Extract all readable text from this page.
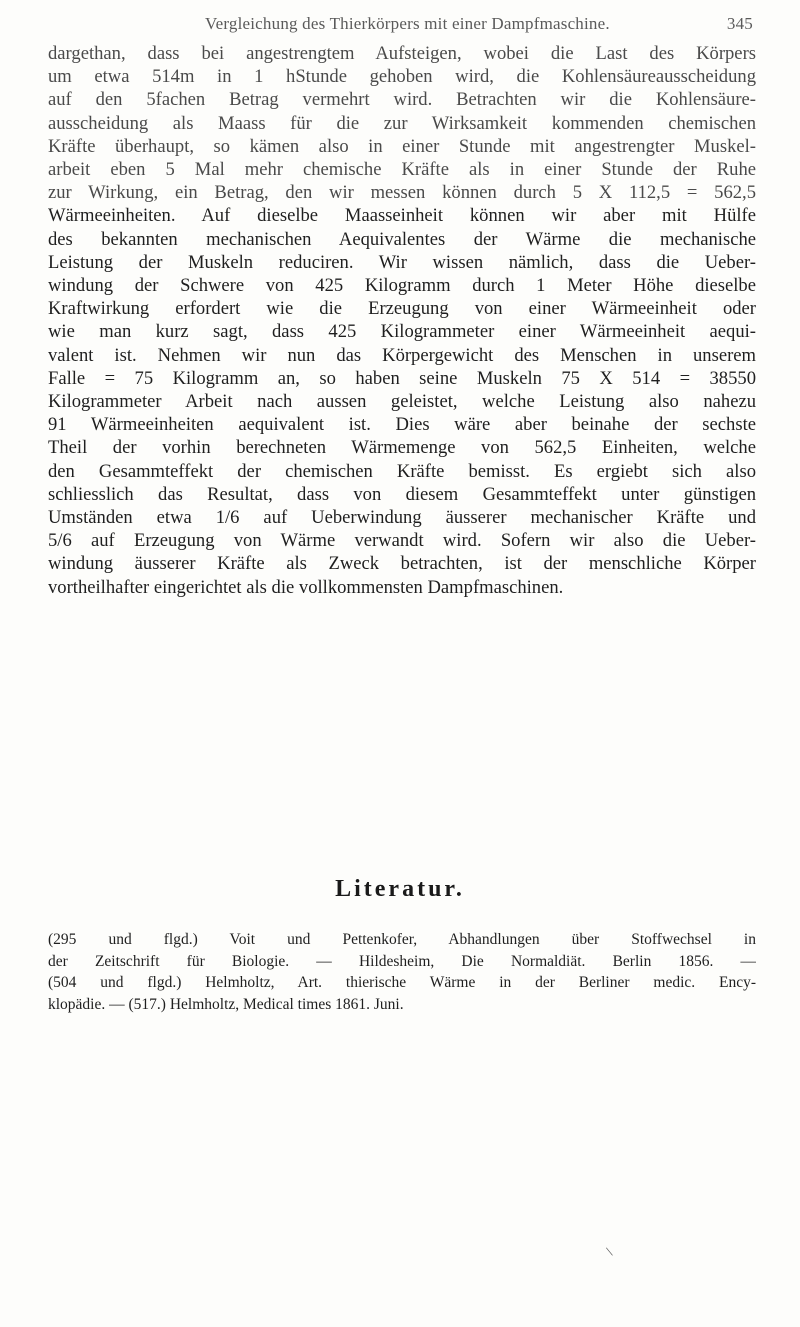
Vergleichung des Thierkörpers mit einer Dampfmaschine.	345
dargethan, dass bei angestrengtem Aufsteigen, wobei die Last des Körpers
um etwa 514m in 1 hStunde gehoben wird, die Kohlensäureausscheidung
auf den 5fachen Betrag vermehrt wird. Betrachten wir die Kohlensäure-
ausscheidung als Maass für die zur Wirksamkeit kommenden chemischen
Kräfte überhaupt, so kämen also in einer Stunde mit angestrengter Muskel-
arbeit eben 5 Mal mehr chemische Kräfte als in einer Stunde der Ruhe
zur Wirkung, ein Betrag, den wir messen können durch 5 X 112,5 = 562,5
Wärmeeinheiten. Auf dieselbe Maasseinheit können wir aber mit Hülfe
des bekannten mechanischen Aequivalentes der Wärme die mechanische
Leistung der Muskeln reduciren. Wir wissen nämlich, dass die Ueber-
windung der Schwere von 425 Kilogramm durch 1 Meter Höhe dieselbe
Kraftwirkung erfordert wie die Erzeugung von einer Wärmeeinheit oder
wie man kurz sagt, dass 425 Kilogrammeter einer Wärmeeinheit aequi-
valent ist. Nehmen wir nun das Körpergewicht des Menschen in unserem
Falle = 75 Kilogramm an, so haben seine Muskeln 75 X 514 = 38550
Kilogrammeter Arbeit nach aussen geleistet, welche Leistung also nahezu
91 Wärmeeinheiten aequivalent ist. Dies wäre aber beinahe der sechste
Theil der vorhin berechneten Wärmemenge von 562,5 Einheiten, welche
den Gesammteffekt der chemischen Kräfte bemisst. Es ergiebt sich also
schliesslich das Resultat, dass von diesem Gesammteffekt unter günstigen
Umständen etwa 1/6 auf Ueberwindung äusserer mechanischer Kräfte und
5/6 auf Erzeugung von Wärme verwandt wird. Sofern wir also die Ueber-
windung äusserer Kräfte als Zweck betrachten, ist der menschliche Körper
vortheilhafter eingerichtet als die vollkommensten Dampfmaschinen.
Literatur.
(295 und flgd.) Voit und Pettenkofer, Abhandlungen über Stoffwechsel in
der Zeitschrift für Biologie. — Hildesheim, Die Normaldiät. Berlin 1856. —
(504 und flgd.) Helmholtz, Art. thierische Wärme in der Berliner medic. Ency-
klopädie. — (517.) Helmholtz, Medical times 1861. Juni.
\
